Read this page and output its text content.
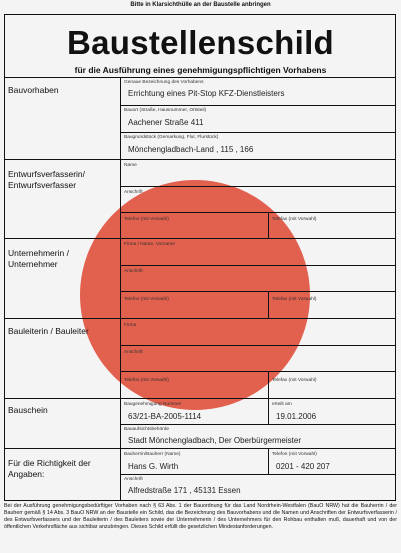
Bitte in Klarsichthülle an der Baustelle anbringen
Baustellenschild
für die Ausführung eines genehmigungspflichtigen Vorhabens
Bauvorhaben
Genaue Bezeichnung des Vorhabens
Errichtung eines Pit-Stop KFZ-Dienstleisters
Bauort (Straße, Hausnummer, Ortsteil)
Aachener Straße 411
Baugrundstück (Gemarkung, Flur, Flurstück)
Mönchengladbach-Land , 115 , 166
Entwurfsverfasserin/ Entwurfsverfasser
Name
Anschrift
Telefon (mit Vorwahl)	Telefax (mit Vorwahl)
Unternehmerin / Unternehmer
Firma / Name, Vorname
Anschrift
Telefon (mit Vorwahl)	Telefax (mit Vorwahl)
Bauleiterin / Bauleiter
Firma
Anschrift
Telefon (mit Vorwahl)	Telefax (mit Vorwahl)
Bauschein
Baugenehmigung Nummer
63/21-BA-2005-1114
erteilt am
19.01.2006
Bauaufsichtsbehörde
Stadt Mönchengladbach, Der Oberbürgermeister
Für die Richtigkeit der Angaben:
Bauherrin/Bauherr (Name)
Hans G. Wirth
Telefon (mit Vorwahl)
0201 - 420 207
Anschrift
Alfredstraße 171 , 45131 Essen
Bei der Ausführung genehmigungsbedürftiger Vorhaben nach § 63 Abs. 1 der Bauordnung für das Land Nordrhein-Westfalen (BauO NRW) hat die Bauherrin / der Bauherr gemäß § 14 Abs. 3 BauO NRW an der Baustelle ein Schild, das die Bezeichnung des Bauvorhabens und die Namen und Anschriften der Entwurfsverfasserin / des Entwurfsverfassers und der Bauleiterin / des Bauleiters sowie der Unternehmerin / des Unternehmers für den Rohbau enthalten muß, dauerhaft und von der öffentlichen Verkehrsfläche aus sichtbar anzubringen. Dieses Schild erfüllt die gesetzlichen Mindestanforderungen.
